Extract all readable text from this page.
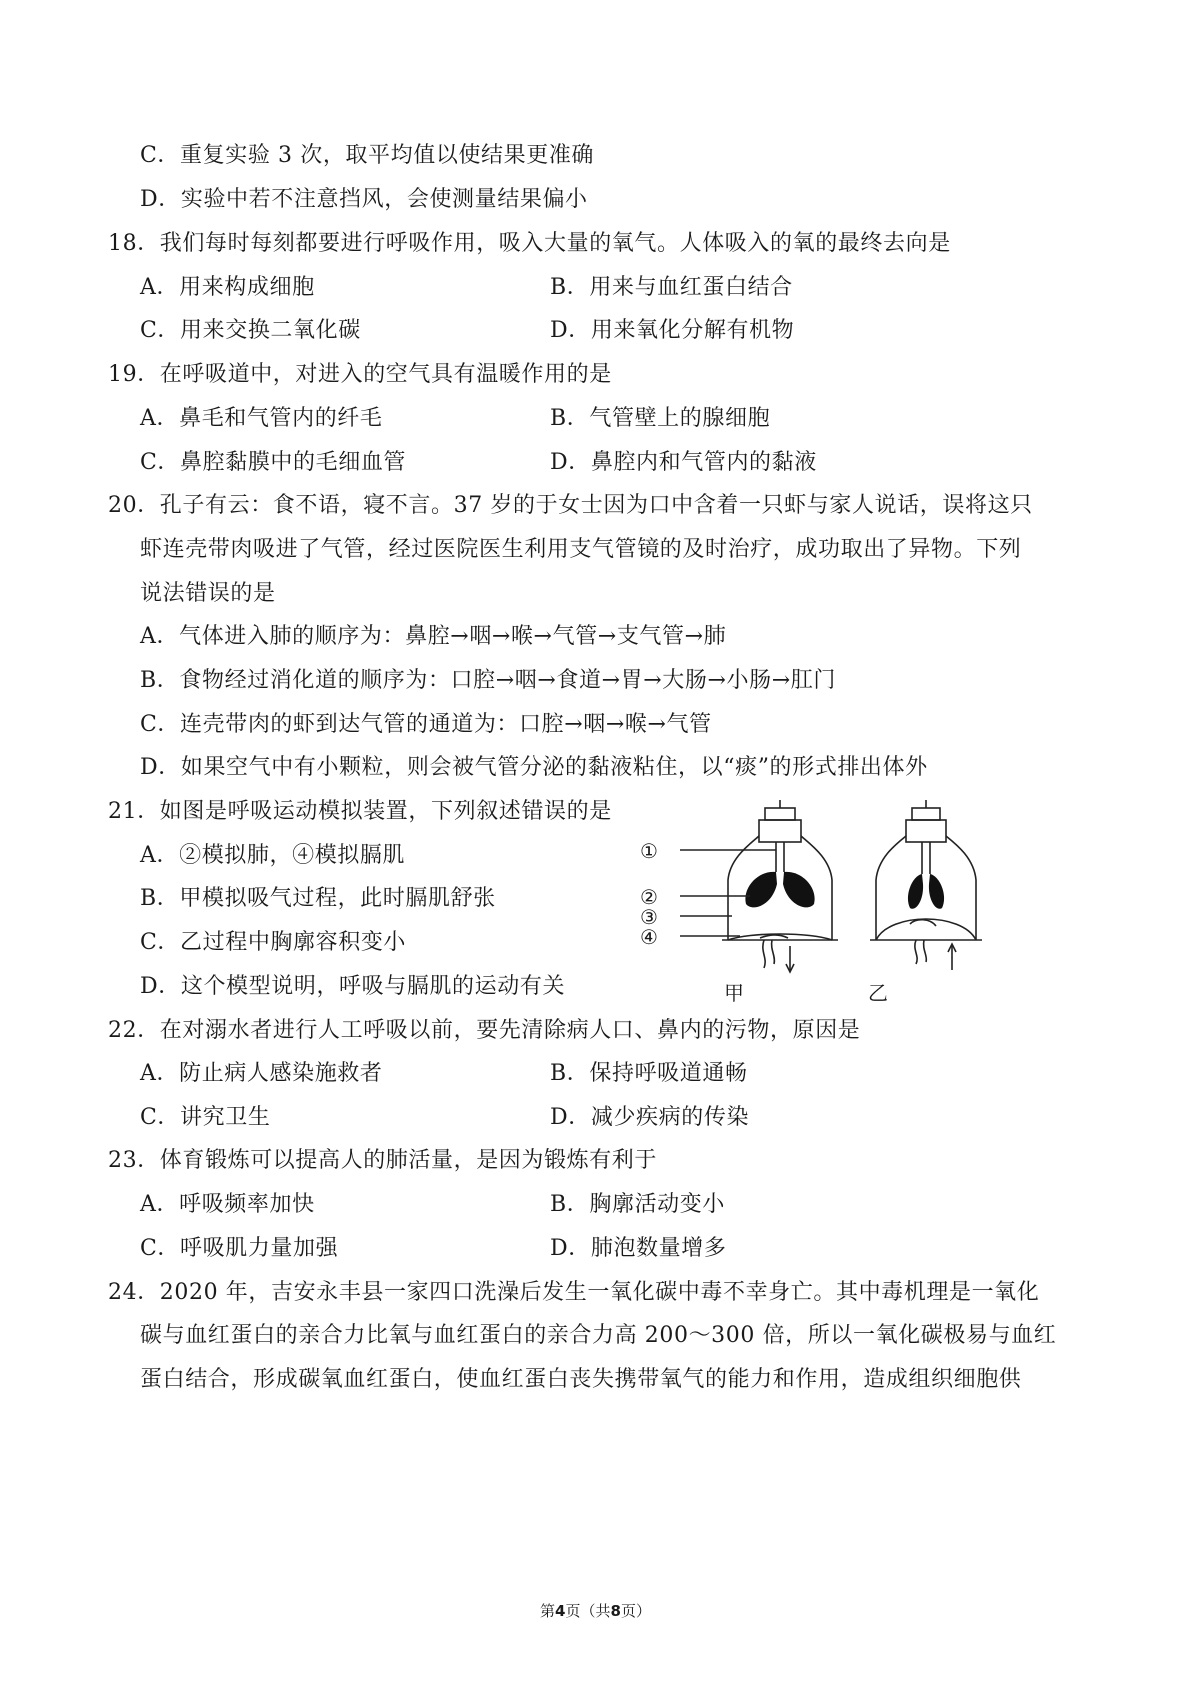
C．重复实验 3 次，取平均值以使结果更准确
D．实验中若不注意挡风，会使测量结果偏小
18．我们每时每刻都要进行呼吸作用，吸入大量的氧气。人体吸入的氧的最终去向是
A．用来构成细胞	B．用来与血红蛋白结合
C．用来交换二氧化碳	D．用来氧化分解有机物
19．在呼吸道中，对进入的空气具有温暖作用的是
A．鼻毛和气管内的纤毛	B．气管壁上的腺细胞
C．鼻腔黏膜中的毛细血管	D．鼻腔内和气管内的黏液
20．孔子有云：食不语，寝不言。37 岁的于女士因为口中含着一只虾与家人说话，误将这只
虾连壳带肉吸进了气管，经过医院医生利用支气管镜的及时治疗，成功取出了异物。下列
说法错误的是
A．气体进入肺的顺序为：鼻腔→咽→喉→气管→支气管→肺
B．食物经过消化道的顺序为：口腔→咽→食道→胃→大肠→小肠→肛门
C．连壳带肉的虾到达气管的通道为：口腔→咽→喉→气管
D．如果空气中有小颗粒，则会被气管分泌的黏液粘住，以“痰”的形式排出体外
21．如图是呼吸运动模拟装置，下列叙述错误的是
A．②模拟肺，④模拟膈肌
B．甲模拟吸气过程，此时膈肌舒张
C．乙过程中胸廓容积变小
D．这个模型说明，呼吸与膈肌的运动有关
①
②
③
④
甲	乙
22．在对溺水者进行人工呼吸以前，要先清除病人口、鼻内的污物，原因是
A．防止病人感染施救者	B．保持呼吸道通畅
C．讲究卫生	D．减少疾病的传染
23．体育锻炼可以提高人的肺活量，是因为锻炼有利于
A．呼吸频率加快	B．胸廓活动变小
C．呼吸肌力量加强	D．肺泡数量增多
24．2020 年，吉安永丰县一家四口洗澡后发生一氧化碳中毒不幸身亡。其中毒机理是一氧化
碳与血红蛋白的亲合力比氧与血红蛋白的亲合力高 200～300 倍，所以一氧化碳极易与血红
蛋白结合，形成碳氧血红蛋白，使血红蛋白丧失携带氧气的能力和作用，造成组织细胞供
第4页（共8页）
